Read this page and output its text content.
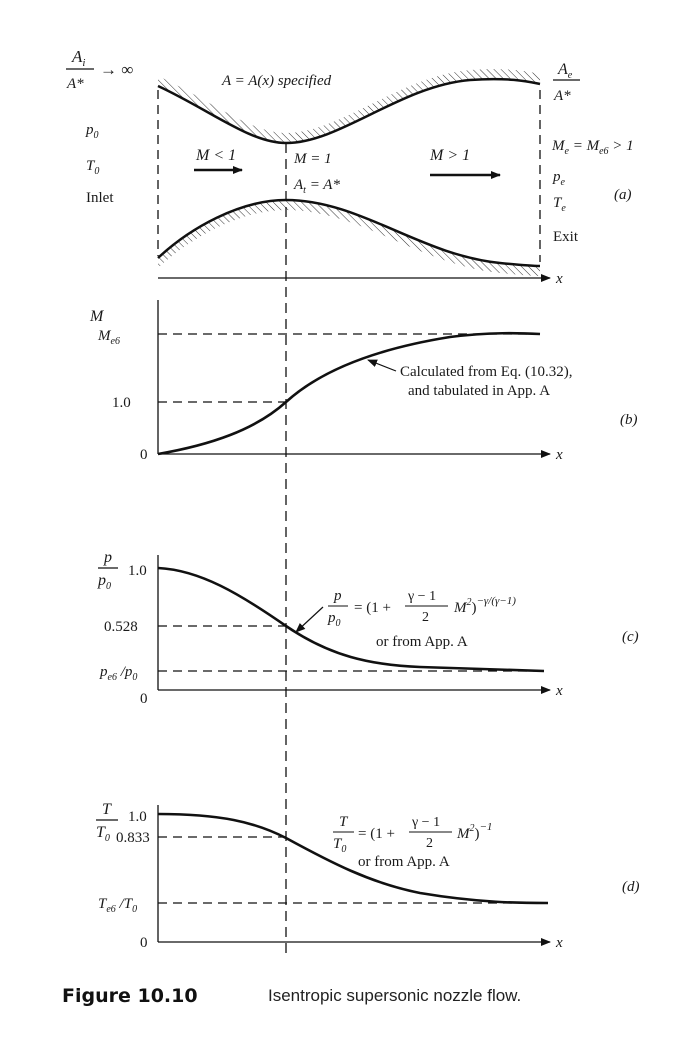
x
$A_i$
A*
→ ∞
A = A(x) specified
$p_0$
$T_0$
Inlet
M < 1	M = 1
$A_t = A*$
M > 1
$A_e$
A*
$M_e = M_{e6} > 1$
$p_e$
$T_e$
Exit
(a)
x
M
$M_{e6}$
1.0
0
Calculated from Eq. (10.32),
and tabulated in App. A
(b)
x
p
$p_0$
1.0
0.528
$p_{e6}$ $/p_0$
0
p
$p_0$
= (1 +
γ − 1
2
$M^2)^{-\gamma/(\gamma-1)}$
or from App. A	(c)
x
T
$T_0$
1.0
0.833
$T_{e6}$ $/T_0$
0
T
$T_0$
= (1 +
γ − 1
2
$M^2)^{-1}$
or from App. A
(d)
Figure 10.10	Isentropic supersonic nozzle flow.
